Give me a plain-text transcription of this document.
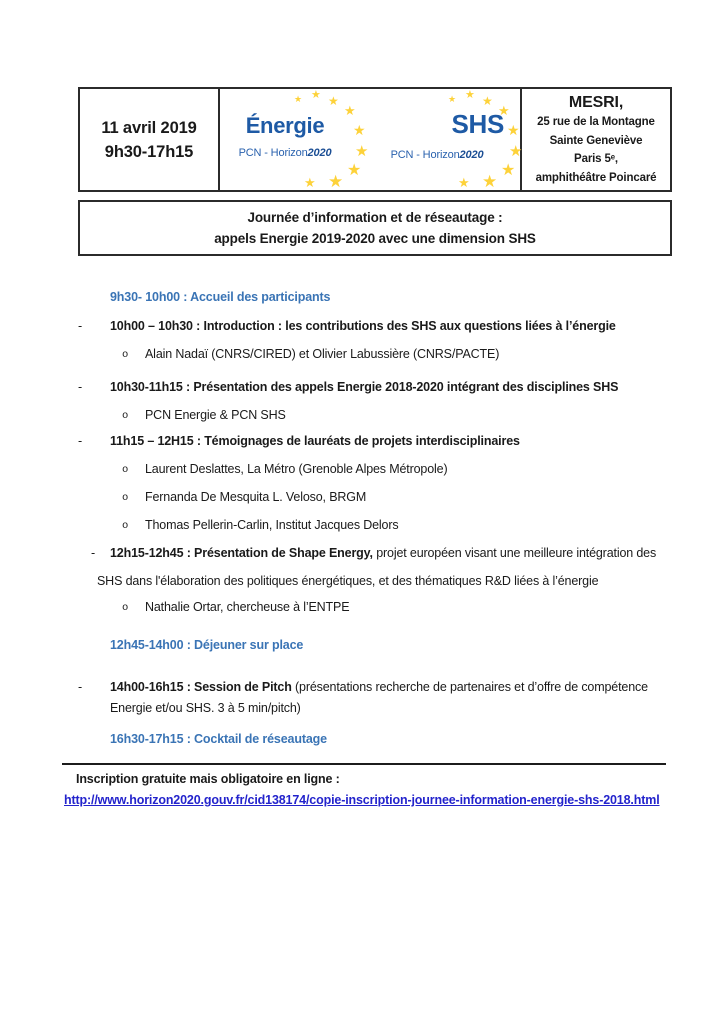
11 avril 2019
9h30-17h15
★
★
★
★
★
★
★
★
★
Énergie
PCN - Horizon2020
★
★
★
★
★
★
★
★
★
SHS
PCN - Horizon2020
MESRI,
25 rue de la Montagne
Sainte Geneviève
Paris 5ᵉ,
amphithéâtre Poincaré
Journée d’information et de réseautage :
appels Energie 2019-2020 avec une dimension SHS
9h30- 10h00 : Accueil des participants
- 10h00 – 10h30 : Introduction : les contributions des SHS aux questions liées à l’énergie
o Alain Nadaï (CNRS/CIRED) et Olivier Labussière (CNRS/PACTE)
- 10h30-11h15 : Présentation des appels Energie 2018-2020 intégrant des disciplines SHS
o PCN Energie & PCN SHS
- 11h15 – 12H15 : Témoignages de lauréats de projets interdisciplinaires
o Laurent Deslattes, La Métro (Grenoble Alpes Métropole)
o Fernanda De Mesquita L. Veloso, BRGM
o Thomas Pellerin-Carlin, Institut Jacques Delors
- 12h15-12h45 : Présentation de Shape Energy, projet européen visant une meilleure intégration des SHS dans l'élaboration des politiques énergétiques, et des thématiques R&D liées à l’énergie
o Nathalie Ortar, chercheuse à l’ENTPE
12h45-14h00 : Déjeuner sur place
- 14h00-16h15 : Session de Pitch (présentations recherche de partenaires et d’offre de compétence Energie et/ou SHS. 3 à 5 min/pitch)
16h30-17h15 : Cocktail de réseautage
Inscription gratuite mais obligatoire en ligne :
http://www.horizon2020.gouv.fr/cid138174/copie-inscription-journee-information-energie-shs-2018.html
